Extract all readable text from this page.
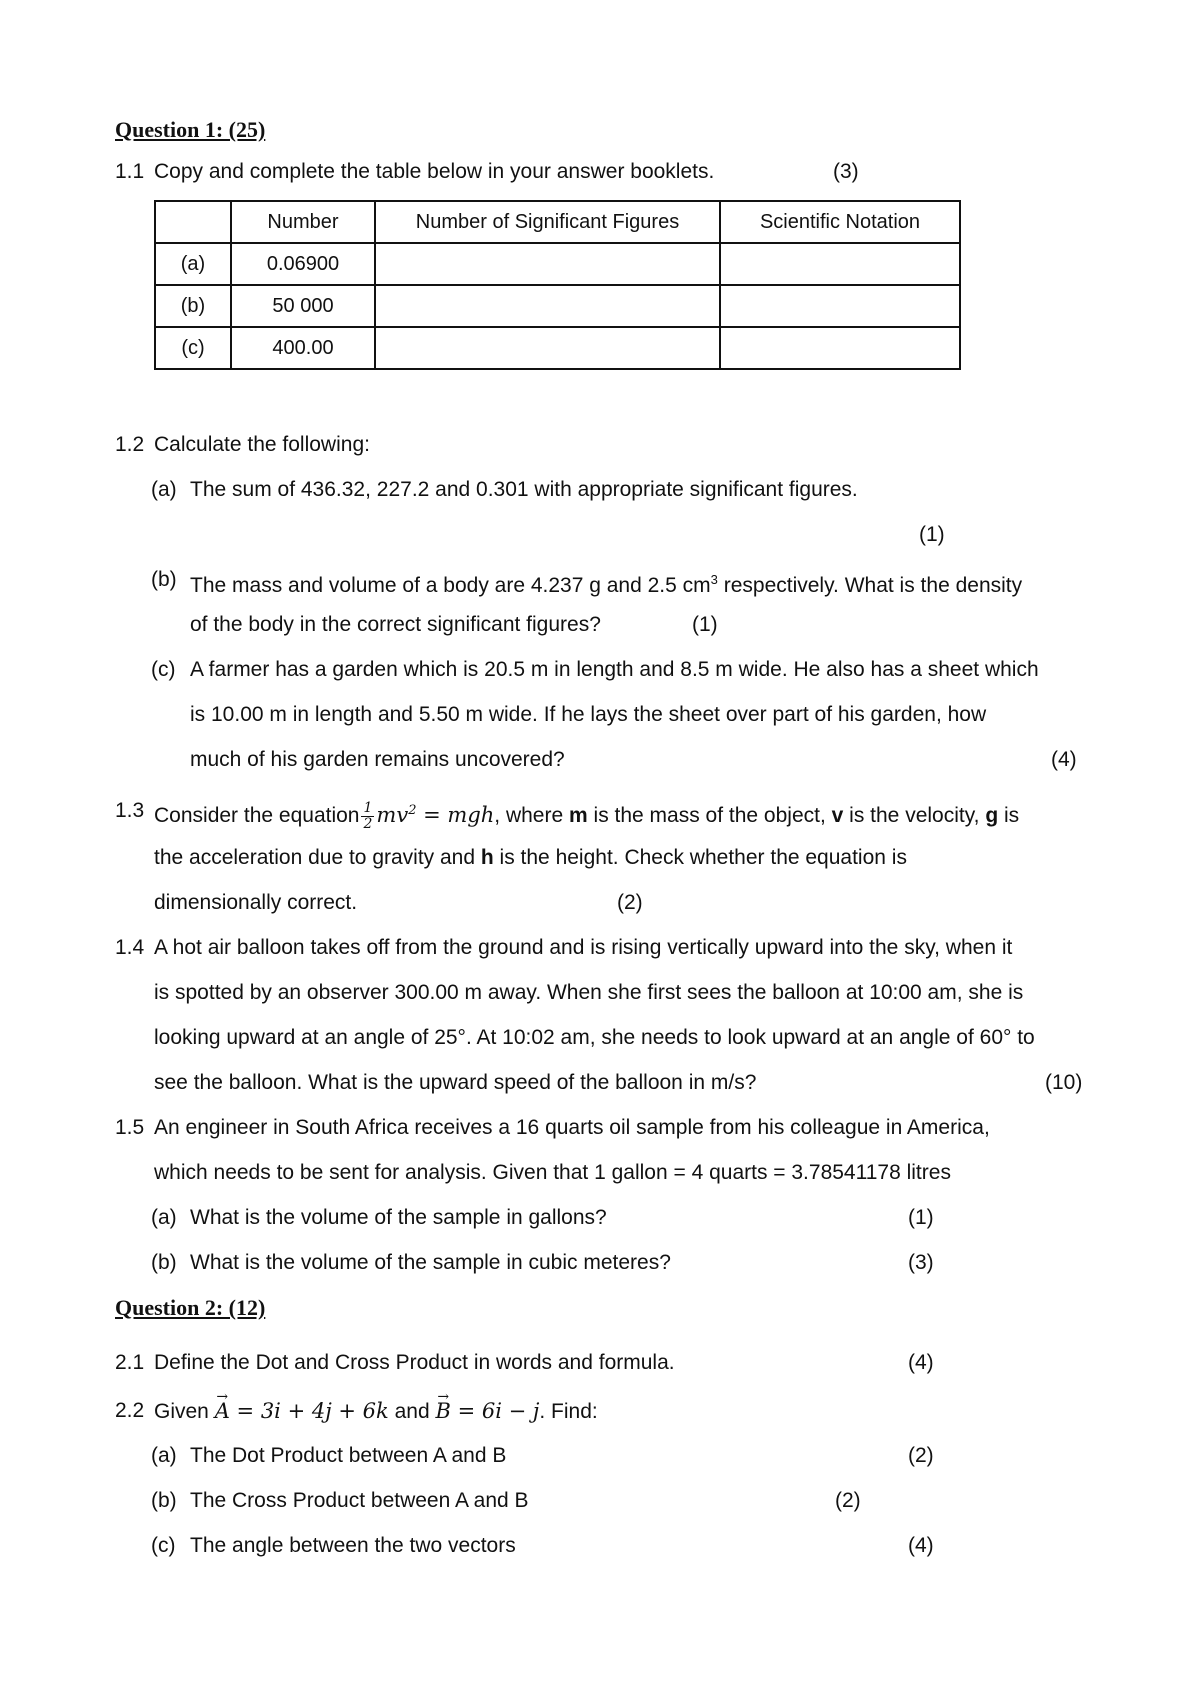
Question 1: (25)
1.1 Copy and complete the table below in your answer booklets.	(3)
	Number	Number of Significant Figures	Scientific Notation
(a)	0.06900		
(b)	50 000		
(c)	400.00		
1.2 Calculate the following:
(a) The sum of 436.32, 227.2 and 0.301 with appropriate significant figures.
(1)
(b) The mass and volume of a body are 4.237 g and 2.5 $cm^3$ respectively. What is the density
of the body in the correct significant figures?	(1)
(c) A farmer has a garden which is 20.5 m in length and 8.5 m wide. He also has a sheet which
is 10.00 m in length and 5.50 m wide. If he lays the sheet over part of his garden, how
much of his garden remains uncovered?	(4)
1.3 Consider the equation $\frac{1}{2} mv^2$ = mgh, where m is the mass of the object, v is the velocity, g is
the acceleration due to gravity and h is the height. Check whether the equation is
dimensionally correct.	(2)
1.4 A hot air balloon takes off from the ground and is rising vertically upward into the sky, when it
is spotted by an observer 300.00 m away. When she first sees the balloon at 10:00 am, she is
looking upward at an angle of 25°. At 10:02 am, she needs to look upward at an angle of 60° to
see the balloon. What is the upward speed of the balloon in m/s?	(10)
1.5 An engineer in South Africa receives a 16 quarts oil sample from his colleague in America,
which needs to be sent for analysis. Given that 1 gallon = 4 quarts = 3.78541178 litres
(a) What is the volume of the sample in gallons?	(1)
(b) What is the volume of the sample in cubic meteres?	(3)
Question 2: (12)
2.1 Define the Dot and Cross Product in words and formula.	(4)
2.2 Given → A = 3i + 4j + 6k and → B = 6i − j. Find:
(a) The Dot Product between A and B	(2)
(b) The Cross Product between A and B	(2)
(c) The angle between the two vectors	(4)
